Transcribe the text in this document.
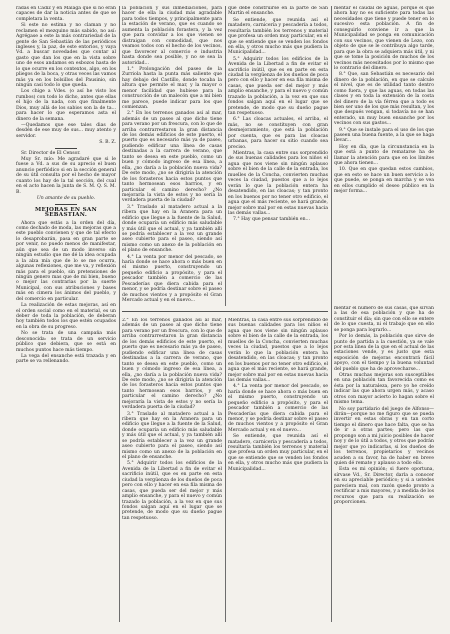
radas en Cádiz y en Málaga que si no eran capaces de dar la noticia antes de que se completara la venta.

Si este no estima y no claman y no reclamen el mezquino más sabido, no así: Agrégase a este la más contrariedad de la gente de San Sebastián de las periódicos ingleses y, la paz, de este entorios, y vaya Vd. a buscar novedades que contar al gasto que dan los que en la vista sobre uno de esos andamos en esbozos hasta de lo que ocurre en los contextos, algo, en los pliegos de la boca, y otras veces las vamos más ya en los bolsillos del Pausinio, sin ningún casi todo lo que queda.

Los chige a Vdes. (o así he visto los rumbos) con todo lo dicho, antes que ellas el hijo de la nada, con que finalmente Dios, muy allá de los sabios son la de ta... para hacer lo que esperamos asta el dinero de la semana.

—Quedamos que ese tales dias de desdén de ese muy de sus... muy atento y servidor.

S. B. Z.

Sr. Director de El Censor.

Muy Sr. mío: Me agradaré que si le fuese a Vd. a sus de su aprecio el buen anuncio perfiódico si en la sección general de su útil consulta por el hecho de mayor cuanto los hay de la tal sección, del cual en el acto hacen la junta de S. M. Q. S. M. B.

Un amante de su pueblo.
MEJORAS EN SAN SEBASTIAN.

Ahora que estás a la orden del día, como dechado de moda, las mejoras que a este pueblo convienen y que de tal efecto lo desaprobarán, pasa en gran parte se por venir, no puedo menos de manifestar, aún que sea de un modo inverso sin ningún estudio que me dé la idea ocupada a la alza mía que de lo se me ocurra, algunas reflexiones, que me va, y reflexión más para el pueblo, sin pretensiones de ningún genero mas que de mi bien, bueno o mejor las contrarias por la suerte Municipal, con sus atribuciones y bases más en cimera los ánimos del pueblo, y del comercio en particular.

La realización de estas mejoras, así en el orden social como en el material, es un deber de toda la población, de deberan hoy también todos los que estén ocupados en la obra de su progreso.

No se trata de una campaña más desconocida: se trata de un servicio público que debiera, que se está en muchos puntos hace más tiempo.

La vega del ensanche está trazada y en parte se va rellenando.

la población y sus inmediaciones, para hacer de ella la ciudad más agradable para todos tiempos, y principalmente para la estación de verano, que es cuando se aumenta la población forastera, y la vez que para convidar a los que vienen se distraigan con comodidad, que nos veamos todos con el hecho de los vecinos, que favorecer al comercio e industria hasta donde sea posible, y no se sea la autoridad...

1.° Prolongación del paseo de la Zurriola hasta la punta más saliente que hay debajo del Castillo, donde tocaba la altura que permite el mar, y la mayor o menor facilidad que hubiese para la construcción de un malecón que a mí bien me parece, puede indicar para los que comienzan.

2.° En los terrenos ganados así al mar, además de un paseo al que dicho tiene para verano por un frescura, con lo que de arriba contrarrestaron la gran distancia de los demás edificios de este puerto, el puerto que es necesario más ya de paseo, pudiendo edificar una línea de casas destinadas a la carrera de verano, que tanto se desea en este pueblo, como un buen y cómodo ingreso de esa línea, a ella, ¿no daría a la población nueva vida? De este modo, ¿no se dirigiría la atención de los forasteros hacia estos puntos que tanto hermosean esos barrios, y en particular el camino derecho? ¿No mejoraría la vista de estos y no sería la verdadera puerta de la ciudad?

3.° Traslado al matadero actual a la ribera que hay en la Aranera para un edificio que llegue a la fuente de la Salud, donde ocuparía un edificio más saludable y más útil que el actual, y ya también allí se podría establecer a la vez un grande aseo cubierto para el paseo, siendo así mismo como un anexo de la población en el plano de ensanche.

4.° La venta por menor del pescado, se haría donde se hace ahora o más buen en el mismo puerto, construyendo un pequeño edificio a propósito, y para el pescador también a comercio de las Pescaderías que diera cabida para el menor, y se podría destinar sobre el paseo de muchos vientos y a propósito el Gran Mercado actual y en el nuevo...

que debe construirse en la parte de San Martín el ensanche.

Se entiende, que reunida así el matadero, carnicería y pescadería a todos, resultaría también los terrenos y material que profesa un orden muy particular, en el que se entiende que se venden los fondos en ella, y otros mucho más que pudiera la Municipalidad...

5.° Adquirir todos los edificios de la Avenida de la Libertad a fin de evitar el sacrificio inútil, que es en parte en esta ciudad la vergüenza de los dueños de poca pero con ello y hacer en esa fila misma de casas, que pueda ser del mejor y más amplio ensanche, y para el nuevo y común trazado la población, a la vez en que sus fondos salgan aquí en el lugar que se pretende, de modo que su dueño pague tan respetuoso.

6.° Las cloacas actuales, el arriba, el más, no se constituyen con gran desmejoramiento, que está la población por cuenta, que es para las cloacas urbanas, para hacer su sitio cuando sea preciso.

Mientras, la casa entre sus sorprendido de sus buenas calidades para los niños el agua que nos viene sin ningún aplauso sobre el bien de la calle de la entrada, los muelles de la Concha, convierten muchas veces la ciudad, puestos que a lo lejos verán lo que la población entera ha desatendido, en las cloacas; y tan pronto en los buenos por no tener otro edificio, el agua que el más reciente, se hará grande, mejor sobre mal por en estas nuevas hacia las demás vallas...

7.° Hay que pensar también en…

mentar el caudal de aguas, porque el que ahora hay no es suficiente para todas las necesidades que tiene y puede tener en lo sucesivo esta población. A fin de conseguirlo conviene ir a que la Municipalidad se ponga en comunicación con sus vecinos, que vienen de Lezo, con objeto de que se le contribuya algo tarde, para que la obra se adquiera más útil, y ni que se tome la posición de muchos de los vecinos más necesitados por lo mismo que lo contrario del dinero.

8.° Que, san Sebastián es necesario del dinero de la población, en que se calcule el nivel, que es de utilidad tanto dentro como fuera, y que las aguas, en todas las clases y en toda la extensión de la costa del dinero de la vía férrea que a todo es bien ser uno de los que más resultan, y los que después vengan, si todavía no se han enterado, un muy buen ensanche por los vecinos con sus gastos...

9.° Que se instale para el uso de los que paseen una buena fuente, a la que se haga llevar...

Hoy en día, que la circunstancia en la que está a punto de rematarse ha de llamar la atención para que en los límites que ahora tienen...

10. Que en que quedan estos cambios, que en esto se hace un buen servicio a lo que puede, se ponga en marcha y se vea en ellos cumplido el deseo público en la mejor forma...

2.° En los terrenos ganados así al mar, además de un paseo al que dicho tiene para verano por un frescura, con lo que de arriba contrarrestaron la gran distancia de los demás edificios de este puerto, el puerto que es necesario más ya de paseo, pudiendo edificar una línea de casas destinadas a la carrera de verano, que tanto se desea en este pueblo, como un buen y cómodo ingreso de esa línea, a ella, ¿no daría a la población nueva vida? De este modo, ¿no se dirigiría la atención de los forasteros hacia estos puntos que tanto hermosean esos barrios, y en particular el camino derecho? ¿No mejoraría la vista de estos y no sería la verdadera puerta de la ciudad?

3.° Traslado al matadero actual a la ribera que hay en la Aranera para un edificio que llegue a la fuente de la Salud, donde ocuparía un edificio más saludable y más útil que el actual, y ya también allí se podría establecer a la vez un grande aseo cubierto para el paseo, siendo así mismo como un anexo de la población en el plano de ensanche.

5.° Adquirir todos los edificios de la Avenida de la Libertad a fin de evitar el sacrificio inútil, que es en parte en esta ciudad la vergüenza de los dueños de poca pero con ello y hacer en esa fila misma de casas, que pueda ser del mejor y más amplio ensanche, y para el nuevo y común trazado la población, a la vez en que sus fondos salgan aquí en el lugar que se pretende, de modo que su dueño pague tan respetuoso.

Mientras, la casa entre sus sorprendido de sus buenas calidades para los niños el agua que nos viene sin ningún aplauso sobre el bien de la calle de la entrada, los muelles de la Concha, convierten muchas veces la ciudad, puestos que a lo lejos verán lo que la población entera ha desatendido, en las cloacas; y tan pronto en los buenos por no tener otro edificio, el agua que el más reciente, se hará grande, mejor sobre mal por en estas nuevas hacia las demás vallas...

4.° La venta por menor del pescado, se haría donde se hace ahora o más buen en el mismo puerto, construyendo un pequeño edificio a propósito, y para el pescador también a comercio de las Pescaderías que diera cabida para el menor, y se podría destinar sobre el paseo de muchos vientos y a propósito el Gran Mercado actual y en el nuevo...

Se entiende, que reunida así el matadero, carnicería y pescadería a todos, resultaría también los terrenos y material que profesa un orden muy particular, en el que se entiende que se venden los fondos en ella, y otros mucho más que pudiera la Municipalidad...

mentar el número de sus casas, que sirvan a las de esa población y que ha de constituir el día; sin que con ello se entere de lo que cuesta, ni el trabajo que en ello se ponga para lograrlo...

Por lo demás, la población que sirve de punto de partida a la cuestión, ya se vale por esta línea de la que en el actual de las estaciones vende, y es justo que esta exposición de mejoras encontrará fácil apoyo, con el tiempo y la buena voluntad del pueblo que ha de aprovecharse...

Otras muchas mejoras son susceptibles en una población tan favorecida como es ésta por la naturaleza, pero yo he creído indicar las que ahora urgen más, y acaso otros con mayor acierto lo hagan sobre el mismo tema.

No soy partidario del juego de Alfonso—dirán—porque no me figuro que se pueda invertir en estas obras y en tan corto tiempo el dinero que hace falta, que se ha de ir a otras partes; pero las que propongo son a mi juicio posibles de hacer hoy y de lo útil a todos, y otros que podrán mejor que yo indicarlas, si los dueños de los terrenos, propietarios y vecinos acuden a su favor, ha de haber en breve quien dé remate y aplauso a todo ello.

Esta es mi opinión; si fuere oportuna, sírvase Vd., Sr. Director, darla a conocer en su apreciable periódico; y si a ustedes pareciera mal, con razón quedo pronto a rectificar a mis mayores, y a medida de los recursos que para su realización se proporcionen.
